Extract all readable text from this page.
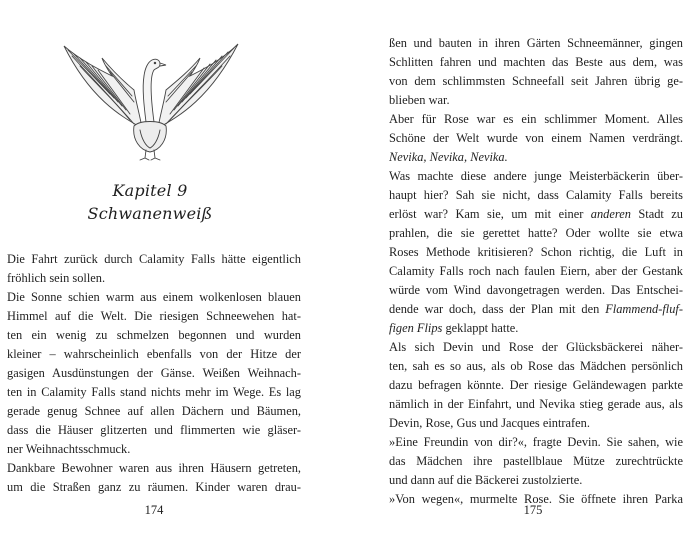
Kapitel 9
Schwanenweiß
Die Fahrt zurück durch Calamity Falls hätte eigentlich
fröhlich sein sollen.
Die Sonne schien warm aus einem wolkenlosen blauen
Himmel auf die Welt. Die riesigen Schneewehen hat-
ten ein wenig zu schmelzen begonnen und wurden
kleiner – wahrscheinlich ebenfalls von der Hitze der
gasigen Ausdünstungen der Gänse. Weißen Weihnach-
ten in Calamity Falls stand nichts mehr im Wege. Es lag
gerade genug Schnee auf allen Dächern und Bäumen,
dass die Häuser glitzerten und flimmerten wie gläser-
ner Weihnachtsschmuck.
Dankbare Bewohner waren aus ihren Häusern getreten,
um die Straßen ganz zu räumen. Kinder waren drau-
174
ßen und bauten in ihren Gärten Schneemänner, gingen
Schlitten fahren und machten das Beste aus dem, was
von dem schlimmsten Schneefall seit Jahren übrig ge-
blieben war.
Aber für Rose war es ein schlimmer Moment. Alles
Schöne der Welt wurde von einem Namen verdrängt.
Nevika, Nevika, Nevika.
Was machte diese andere junge Meisterbäckerin über-
haupt hier? Sah sie nicht, dass Calamity Falls bereits
erlöst war? Kam sie, um mit einer anderen Stadt zu
prahlen, die sie gerettet hatte? Oder wollte sie etwa
Roses Methode kritisieren? Schon richtig, die Luft in
Calamity Falls roch nach faulen Eiern, aber der Gestank
würde vom Wind davongetragen werden. Das Entschei-
dende war doch, dass der Plan mit den Flammend-fluf-
figen Flips geklappt hatte.
Als sich Devin und Rose der Glücksbäckerei näher-
ten, sah es so aus, als ob Rose das Mädchen persönlich
dazu befragen könnte. Der riesige Geländewagen parkte
nämlich in der Einfahrt, und Nevika stieg gerade aus, als
Devin, Rose, Gus und Jacques eintrafen.
»Eine Freundin von dir?«, fragte Devin. Sie sahen, wie
das Mädchen ihre pastellblaue Mütze zurechtrückte
und dann auf die Bäckerei zustolzierte.
»Von wegen«, murmelte Rose. Sie öffnete ihren Parka
175
